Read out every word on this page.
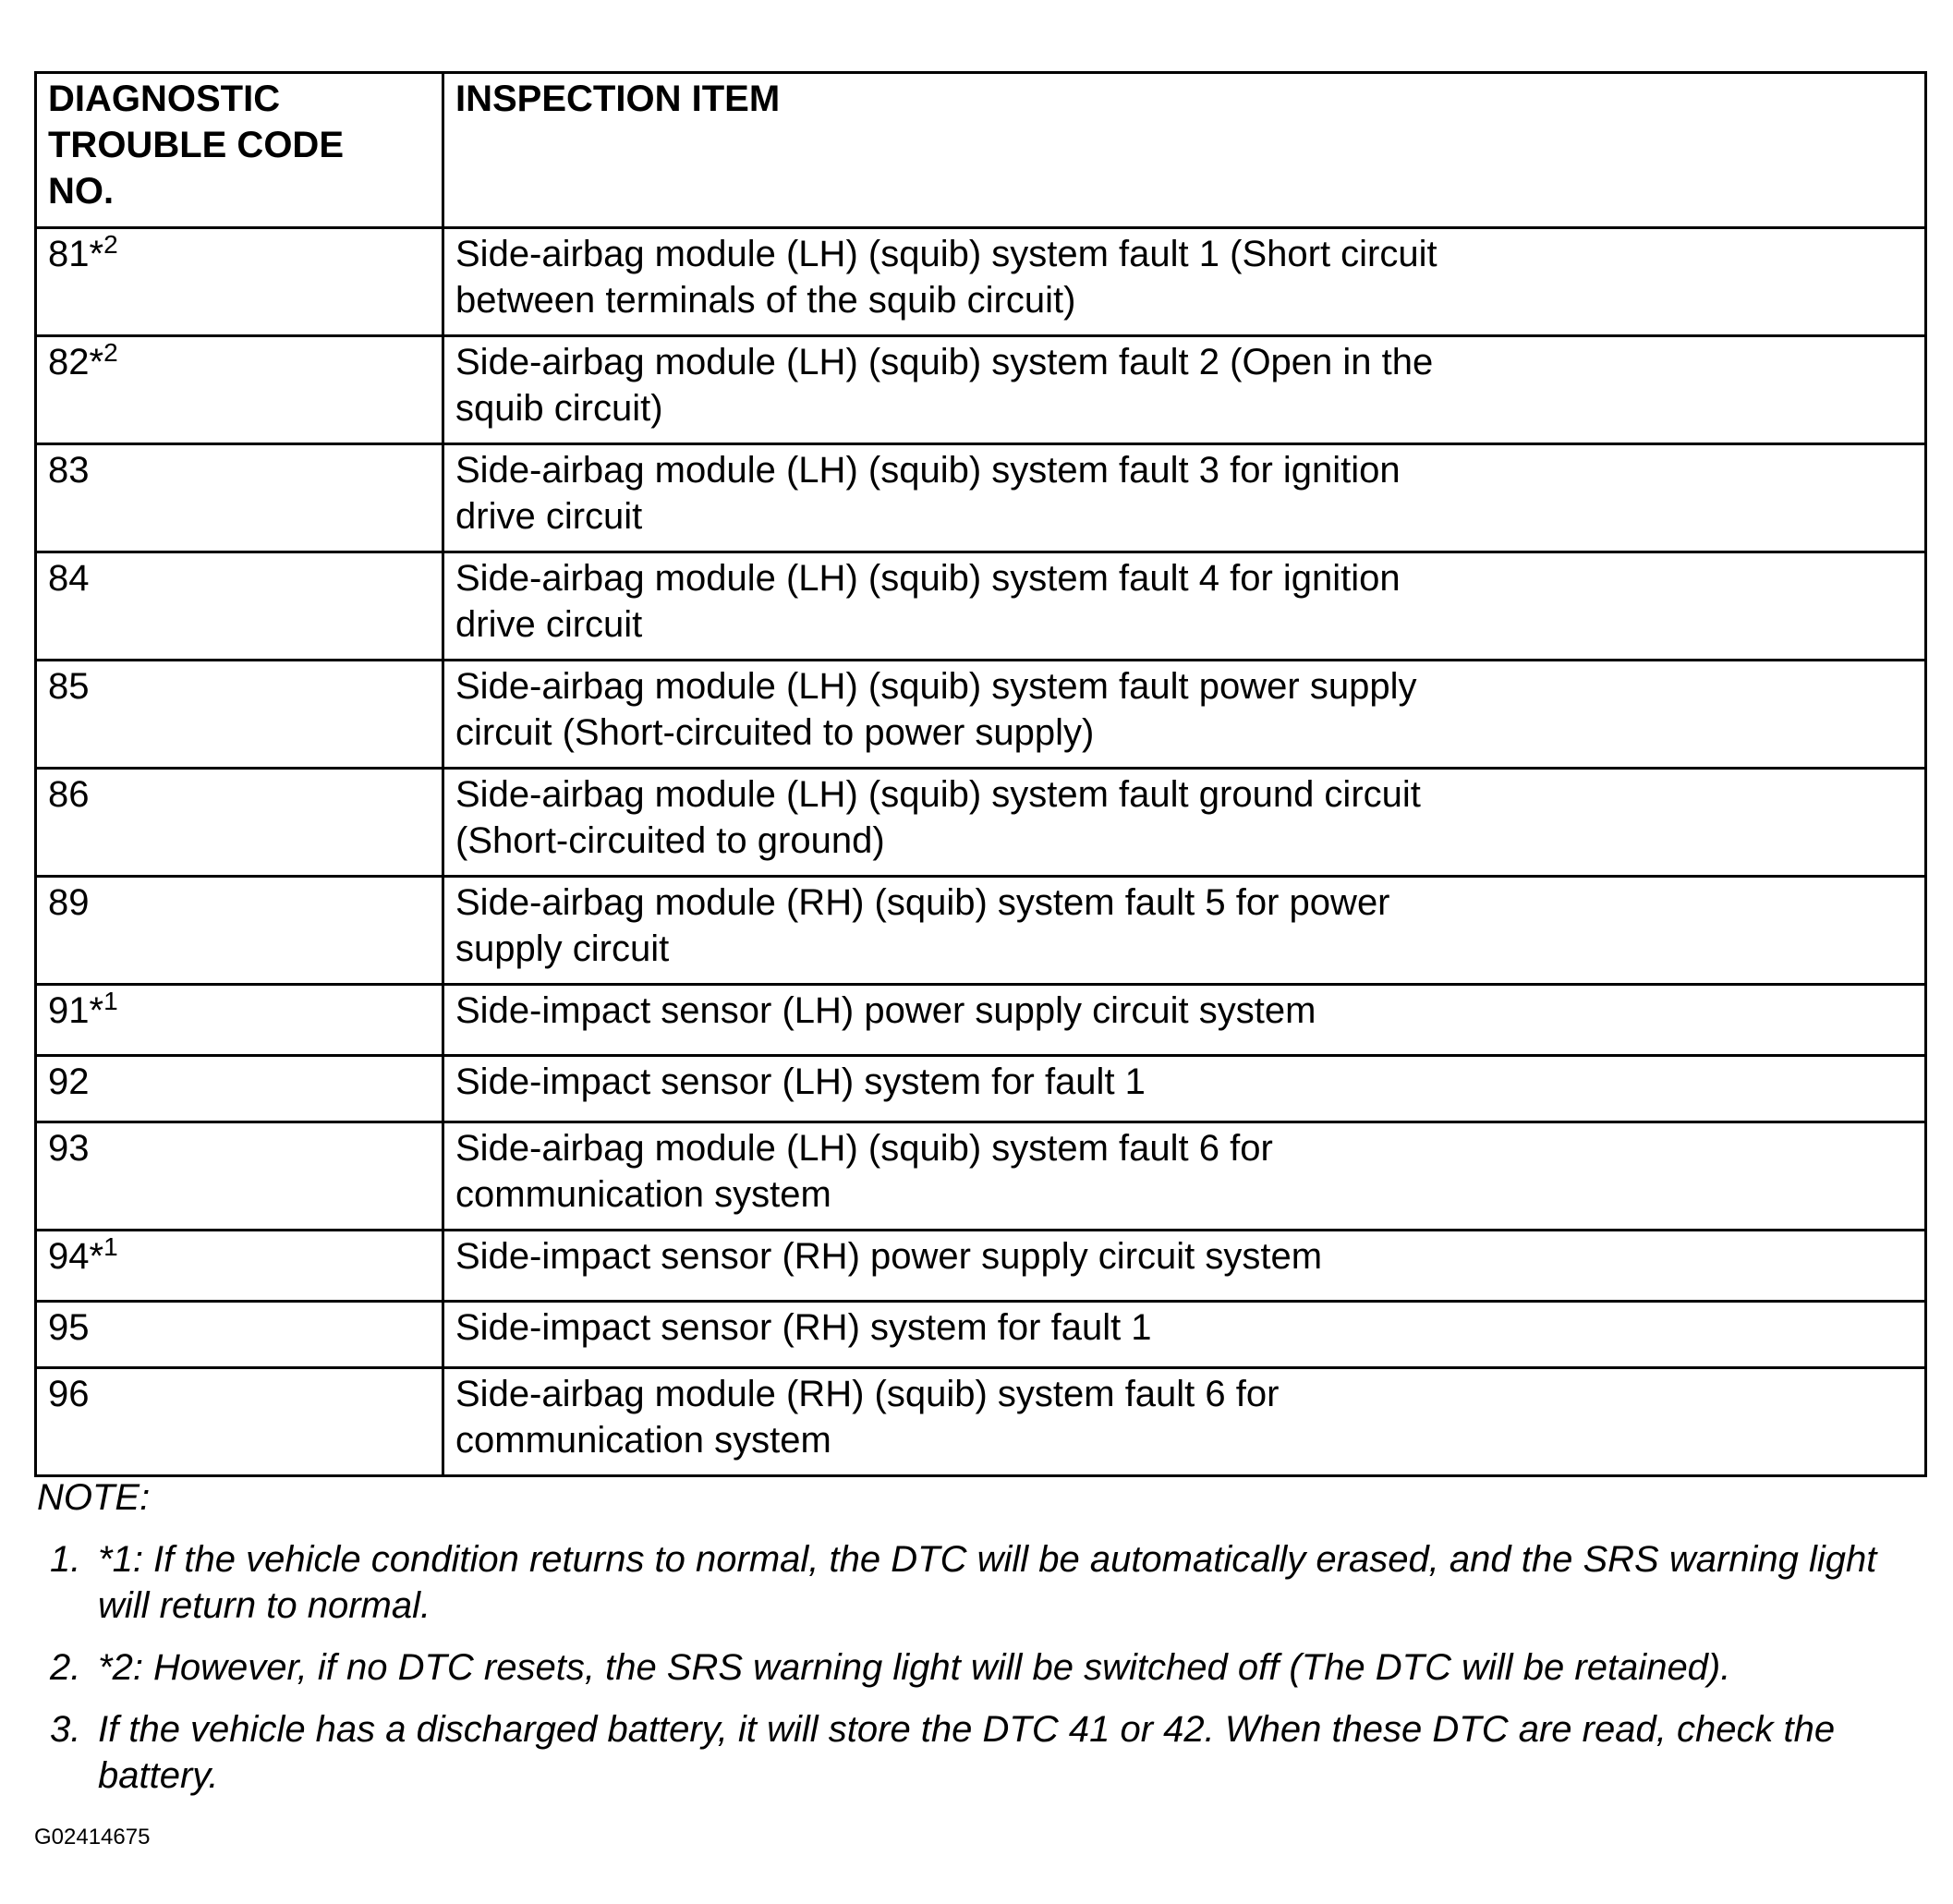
DIAGNOSTIC
TROUBLE CODE
NO.	INSPECTION ITEM

81*$^2$	Side-airbag module (LH) (squib) system fault 1 (Short circuit
between terminals of the squib circuit)

82*$^2$	Side-airbag module (LH) (squib) system fault 2 (Open in the
squib circuit)

83	Side-airbag module (LH) (squib) system fault 3 for ignition
drive circuit

84	Side-airbag module (LH) (squib) system fault 4 for ignition
drive circuit

85	Side-airbag module (LH) (squib) system fault power supply
circuit (Short-circuited to power supply)

86	Side-airbag module (LH) (squib) system fault ground circuit
(Short-circuited to ground)

89	Side-airbag module (RH) (squib) system fault 5 for power
supply circuit

91*$^1$	Side-impact sensor (LH) power supply circuit system

92	Side-impact sensor (LH) system for fault 1

93	Side-airbag module (LH) (squib) system fault 6 for
communication system

94*$^1$	Side-impact sensor (RH) power supply circuit system

95	Side-impact sensor (RH) system for fault 1

96	Side-airbag module (RH) (squib) system fault 6 for
communication system
NOTE:
1. *1: If the vehicle condition returns to normal, the DTC will be automatically erased, and the SRS warning light will return to normal.
2. *2: However, if no DTC resets, the SRS warning light will be switched off (The DTC will be retained).
3. If the vehicle has a discharged battery, it will store the DTC 41 or 42. When these DTC are read, check the battery.
G02414675
